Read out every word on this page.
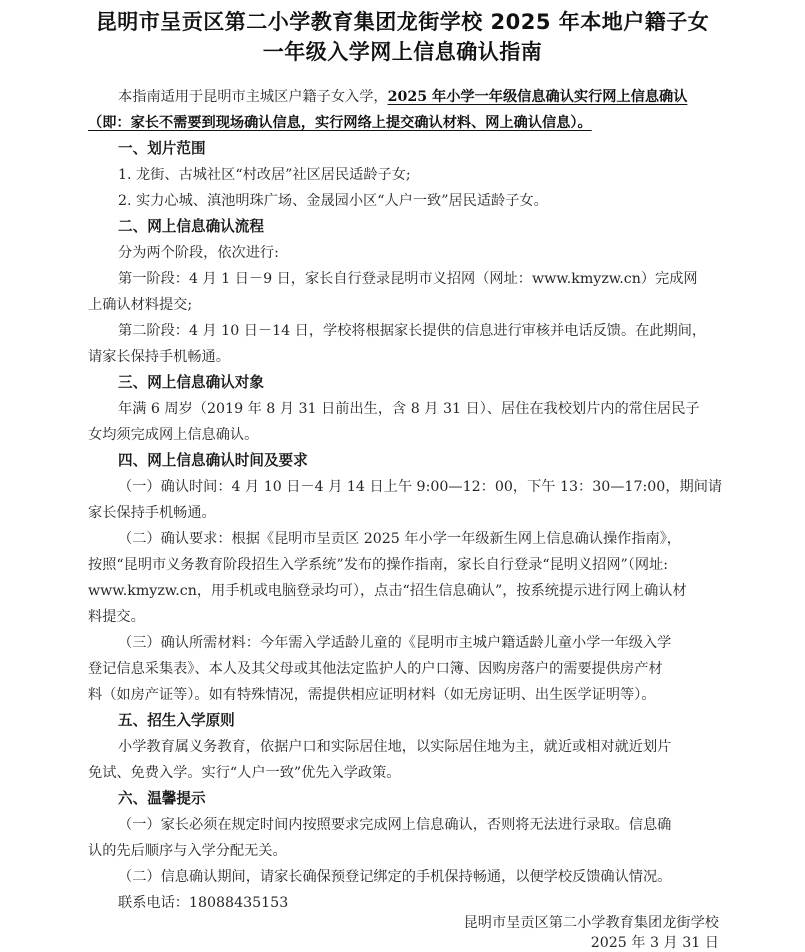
昆明市呈贡区第二小学教育集团龙街学校 2025 年本地户籍子女
一年级入学网上信息确认指南
本指南适用于昆明市主城区户籍子女入学，2025 年小学一年级信息确认实行网上信息确认
（即：家长不需要到现场确认信息，实行网络上提交确认材料、网上确认信息）。
一、划片范围
1. 龙街、古城社区“村改居”社区居民适龄子女;
2. 实力心城、滇池明珠广场、金晟园小区“人户一致”居民适龄子女。
二、网上信息确认流程
分为两个阶段，依次进行:
第一阶段：4 月 1 日－9 日，家长自行登录昆明市义招网（网址：www.kmyzw.cn）完成网
上确认材料提交;
第二阶段：4 月 10 日－14 日，学校将根据家长提供的信息进行审核并电话反馈。在此期间，
请家长保持手机畅通。
三、网上信息确认对象
年满 6 周岁（2019 年 8 月 31 日前出生，含 8 月 31 日）、居住在我校划片内的常住居民子
女均须完成网上信息确认。
四、网上信息确认时间及要求
（一）确认时间：4 月 10 日－4 月 14 日上午 9:00—12：00，下午 13：30—17:00，期间请
家长保持手机畅通。
（二）确认要求：根据《昆明市呈贡区 2025 年小学一年级新生网上信息确认操作指南》，
按照“昆明市义务教育阶段招生入学系统”发布的操作指南，家长自行登录“昆明义招网”（网址:
www.kmyzw.cn，用手机或电脑登录均可），点击“招生信息确认”，按系统提示进行网上确认材
料提交。
（三）确认所需材料：今年需入学适龄儿童的《昆明市主城户籍适龄儿童小学一年级入学
登记信息采集表》、本人及其父母或其他法定监护人的户口簿、因购房落户的需要提供房产材
料（如房产证等）。如有特殊情况，需提供相应证明材料（如无房证明、出生医学证明等）。
五、招生入学原则
小学教育属义务教育，依据户口和实际居住地，以实际居住地为主，就近或相对就近划片
免试、免费入学。实行“人户一致”优先入学政策。
六、温馨提示
（一）家长必须在规定时间内按照要求完成网上信息确认，否则将无法进行录取。信息确
认的先后顺序与入学分配无关。
（二）信息确认期间，请家长确保预登记绑定的手机保持畅通，以便学校反馈确认情况。
联系电话：18088435153
昆明市呈贡区第二小学教育集团龙街学校
2025 年 3 月 31 日
